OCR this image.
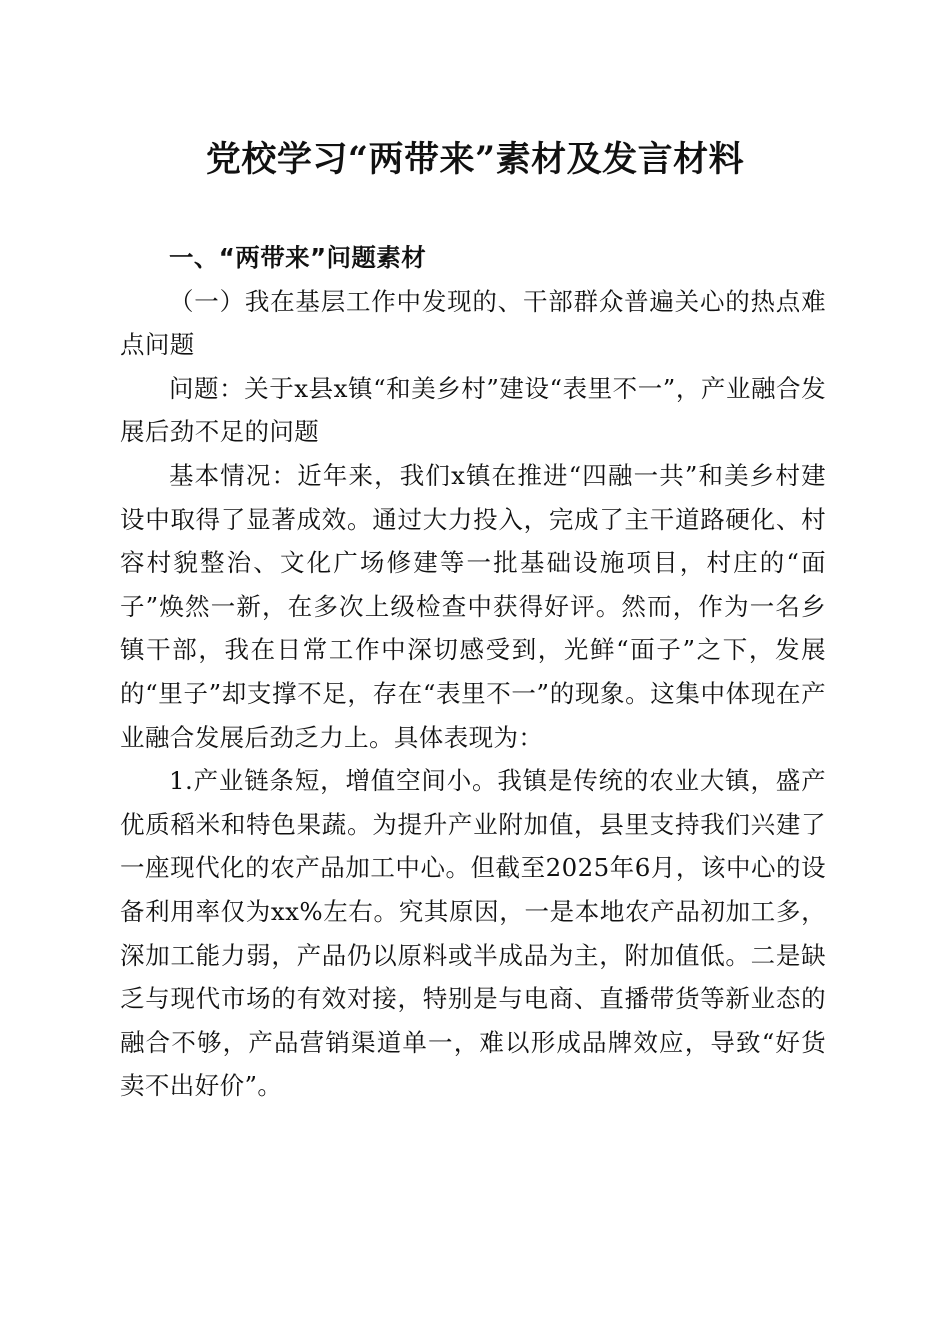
党校学习“两带来”素材及发言材料

一、“两带来”问题素材

（一）我在基层工作中发现的、干部群众普遍关心的热点难点问题

问题：关于x县x镇“和美乡村”建设“表里不一”，产业融合发展后劲不足的问题

基本情况：近年来，我们x镇在推进“四融一共”和美乡村建设中取得了显著成效。通过大力投入，完成了主干道路硬化、村容村貌整治、文化广场修建等一批基础设施项目，村庄的“面子”焕然一新，在多次上级检查中获得好评。然而，作为一名乡镇干部，我在日常工作中深切感受到，光鲜“面子”之下，发展的“里子”却支撑不足，存在“表里不一”的现象。这集中体现在产业融合发展后劲乏力上。具体表现为：

1.产业链条短，增值空间小。我镇是传统的农业大镇，盛产优质稻米和特色果蔬。为提升产业附加值，县里支持我们兴建了一座现代化的农产品加工中心。但截至2025年6月，该中心的设备利用率仅为xx%左右。究其原因，一是本地农产品初加工多，深加工能力弱，产品仍以原料或半成品为主，附加值低。二是缺乏与现代市场的有效对接，特别是与电商、直播带货等新业态的融合不够，产品营销渠道单一，难以形成品牌效应，导致“好货卖不出好价”。
